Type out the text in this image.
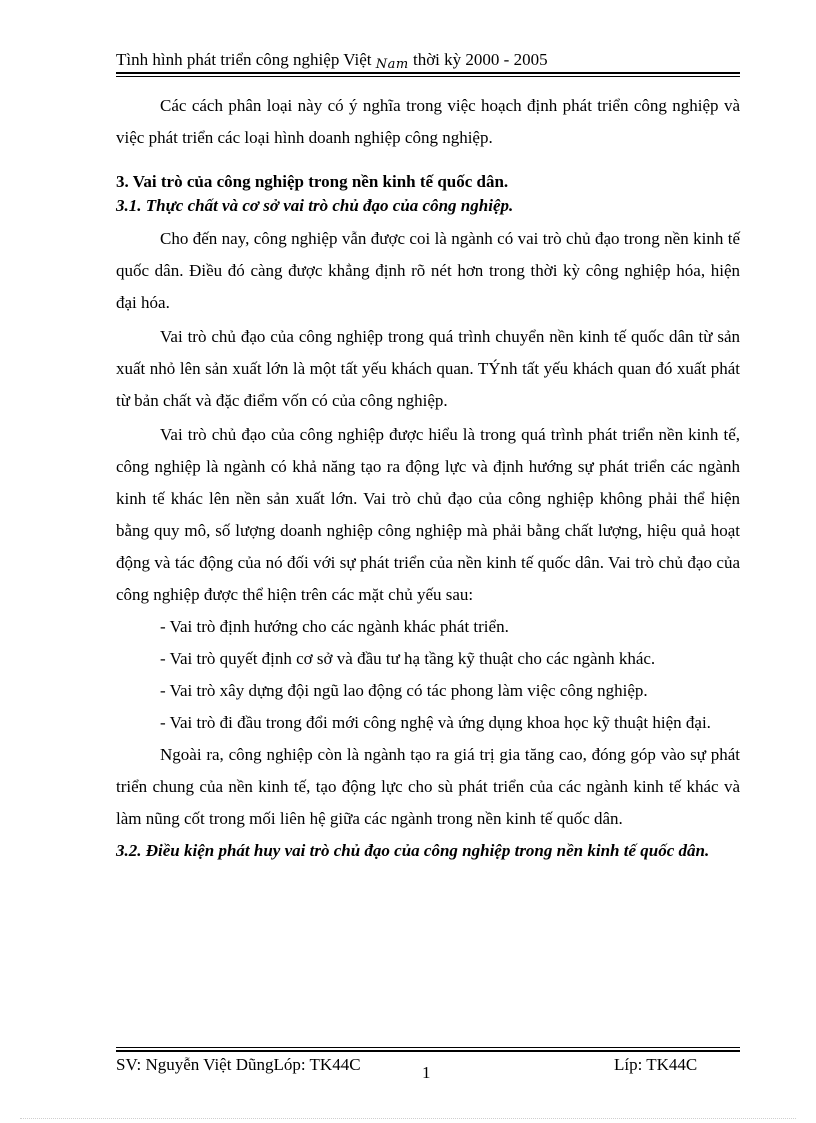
Tình hình phát triển công nghiệp Việt Nam thời kỳ 2000 - 2005

Các cách phân loại này có ý nghĩa trong việc hoạch định phát triển công nghiệp và việc phát triển các loại hình doanh nghiệp công nghiệp.

3. Vai trò của công nghiệp trong nền kinh tế quốc dân.

3.1. Thực chất và cơ sở vai trò chủ đạo của công nghiệp.

Cho đến nay, công nghiệp vẫn được coi là ngành có vai trò chủ đạo trong nền kinh tế quốc dân. Điều đó càng được khẳng định rõ nét hơn trong thời kỳ công nghiệp hóa, hiện đại hóa.

Vai trò chủ đạo của công nghiệp trong quá trình chuyển nền kinh tế quốc dân từ sản xuất nhỏ lên sản xuất lớn là một tất yếu khách quan. TÝnh tất yếu khách quan đó xuất phát từ bản chất và đặc điểm vốn có của công nghiệp.

Vai trò chủ đạo của công nghiệp được hiểu là trong quá trình phát triển nền kinh tế, công nghiệp là ngành có khả năng tạo ra động lực và định hướng sự phát triển các ngành kinh tế khác lên nền sản xuất lớn. Vai trò chủ đạo của công nghiệp không phải thể hiện bằng quy mô, số lượng doanh nghiệp công nghiệp mà phải bằng chất lượng, hiệu quả hoạt động và tác động của nó đối với sự phát triển của nền kinh tế quốc dân. Vai trò chủ đạo của công nghiệp được thể hiện trên các mặt chủ yếu sau:

- Vai trò định hướng cho các ngành khác phát triển.

- Vai trò quyết định cơ sở và đầu tư hạ tầng kỹ thuật cho các ngành khác.

- Vai trò xây dựng đội ngũ lao động có tác phong làm việc công nghiệp.

- Vai trò đi đầu trong đổi mới công nghệ và ứng dụng khoa học kỹ thuật hiện đại.

Ngoài ra, công nghiệp còn là ngành tạo ra giá trị gia tăng cao, đóng góp vào sự phát triển chung của nền kinh tế, tạo động lực cho sù phát triển của các ngành kinh tế khác và làm nũng cốt trong mối liên hệ giữa các ngành trong nền kinh tế quốc dân.

3.2. Điều kiện phát huy vai trò chủ đạo của công nghiệp trong nền kinh tế quốc dân.

SV: Nguyễn Việt DũngLóp: TK44C	1	Líp: TK44C
